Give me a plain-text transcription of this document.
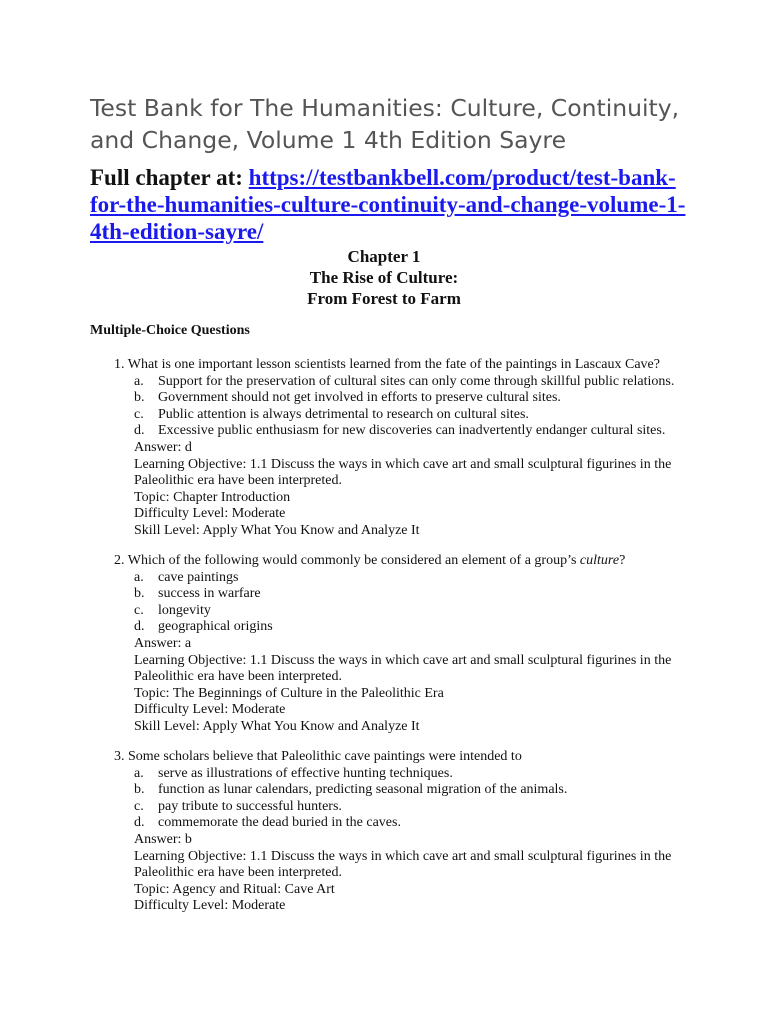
Test Bank for The Humanities: Culture, Continuity, and Change, Volume 1 4th Edition Sayre
Full chapter at: https://testbankbell.com/product/test-bank-for-the-humanities-culture-continuity-and-change-volume-1-4th-edition-sayre/
Chapter 1
The Rise of Culture:
From Forest to Farm
Multiple-Choice Questions
1. What is one important lesson scientists learned from the fate of the paintings in Lascaux Cave?
a. Support for the preservation of cultural sites can only come through skillful public relations.
b. Government should not get involved in efforts to preserve cultural sites.
c. Public attention is always detrimental to research on cultural sites.
d. Excessive public enthusiasm for new discoveries can inadvertently endanger cultural sites.
Answer: d
Learning Objective: 1.1 Discuss the ways in which cave art and small sculptural figurines in the Paleolithic era have been interpreted.
Topic: Chapter Introduction
Difficulty Level: Moderate
Skill Level: Apply What You Know and Analyze It
2. Which of the following would commonly be considered an element of a group’s culture?
a. cave paintings
b. success in warfare
c. longevity
d. geographical origins
Answer: a
Learning Objective: 1.1 Discuss the ways in which cave art and small sculptural figurines in the Paleolithic era have been interpreted.
Topic: The Beginnings of Culture in the Paleolithic Era
Difficulty Level: Moderate
Skill Level: Apply What You Know and Analyze It
3. Some scholars believe that Paleolithic cave paintings were intended to
a. serve as illustrations of effective hunting techniques.
b. function as lunar calendars, predicting seasonal migration of the animals.
c. pay tribute to successful hunters.
d. commemorate the dead buried in the caves.
Answer: b
Learning Objective: 1.1 Discuss the ways in which cave art and small sculptural figurines in the Paleolithic era have been interpreted.
Topic: Agency and Ritual: Cave Art
Difficulty Level: Moderate
